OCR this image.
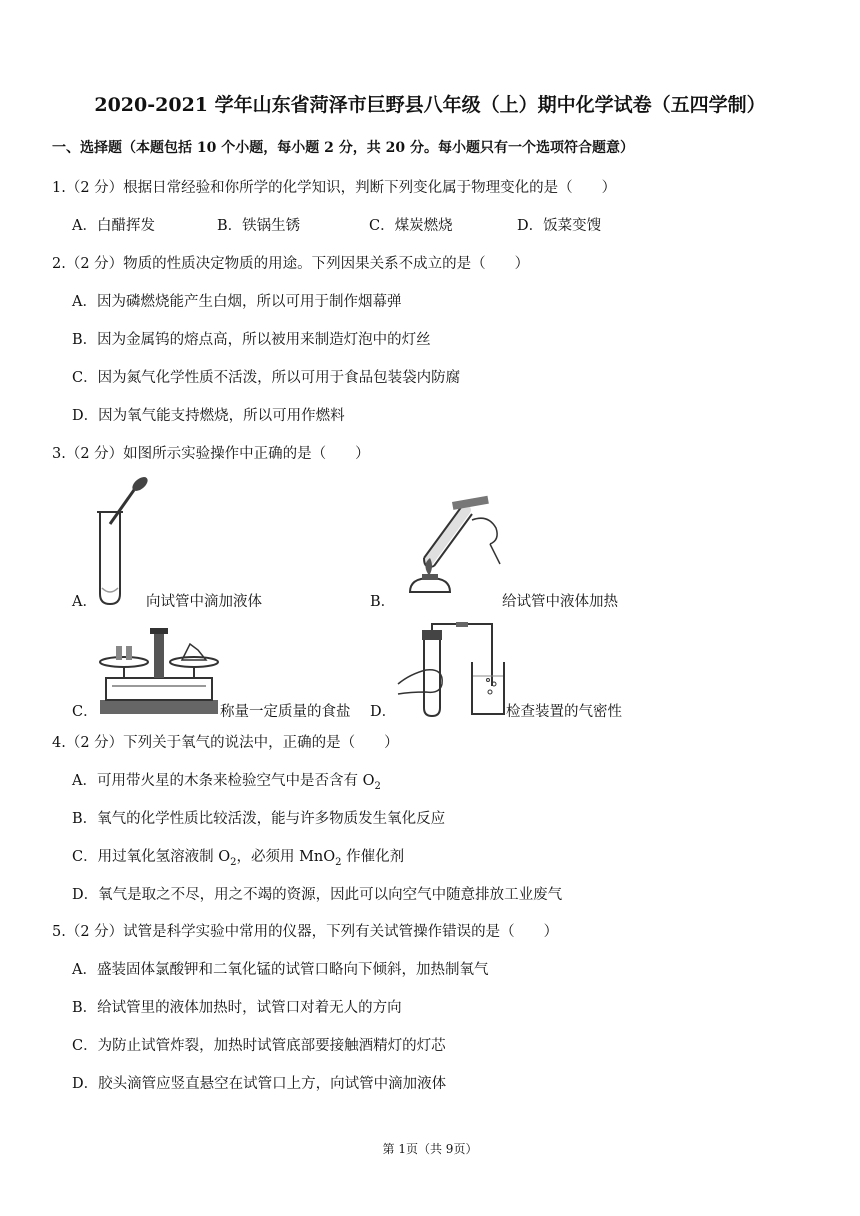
2020-2021 学年山东省菏泽市巨野县八年级（上）期中化学试卷（五四学制）
一、选择题（本题包括 10 个小题，每小题 2 分，共 20 分。每小题只有一个选项符合题意）
1.（2 分）根据日常经验和你所学的化学知识，判断下列变化属于物理变化的是（　　）
A．白醋挥发	B．铁锅生锈	C．煤炭燃烧	D．饭菜变馊
2.（2 分）物质的性质决定物质的用途。下列因果关系不成立的是（　　）
A．因为磷燃烧能产生白烟，所以可用于制作烟幕弹
B．因为金属钨的熔点高，所以被用来制造灯泡中的灯丝
C．因为氮气化学性质不活泼，所以可用于食品包装袋内防腐
D．因为氧气能支持燃烧，所以可用作燃料
3.（2 分）如图所示实验操作中正确的是（　　）
A．	向试管中滴加液体	B．	给试管中液体加热
C．	称量一定质量的食盐 D．	检查装置的气密性
4.（2 分）下列关于氧气的说法中，正确的是（　　）
A．可用带火星的木条来检验空气中是否含有 $O_2$
B．氧气的化学性质比较活泼，能与许多物质发生氧化反应
C．用过氧化氢溶液制 $O_2$，必须用 MnO$_2$ 作催化剂
D．氧气是取之不尽，用之不竭的资源，因此可以向空气中随意排放工业废气
5.（2 分）试管是科学实验中常用的仪器，下列有关试管操作错误的是（　　）
A．盛装固体氯酸钾和二氧化锰的试管口略向下倾斜，加热制氧气
B．给试管里的液体加热时，试管口对着无人的方向
C．为防止试管炸裂，加热时试管底部要接触酒精灯的灯芯
D．胶头滴管应竖直悬空在试管口上方，向试管中滴加液体
第 1页（共 9页）
